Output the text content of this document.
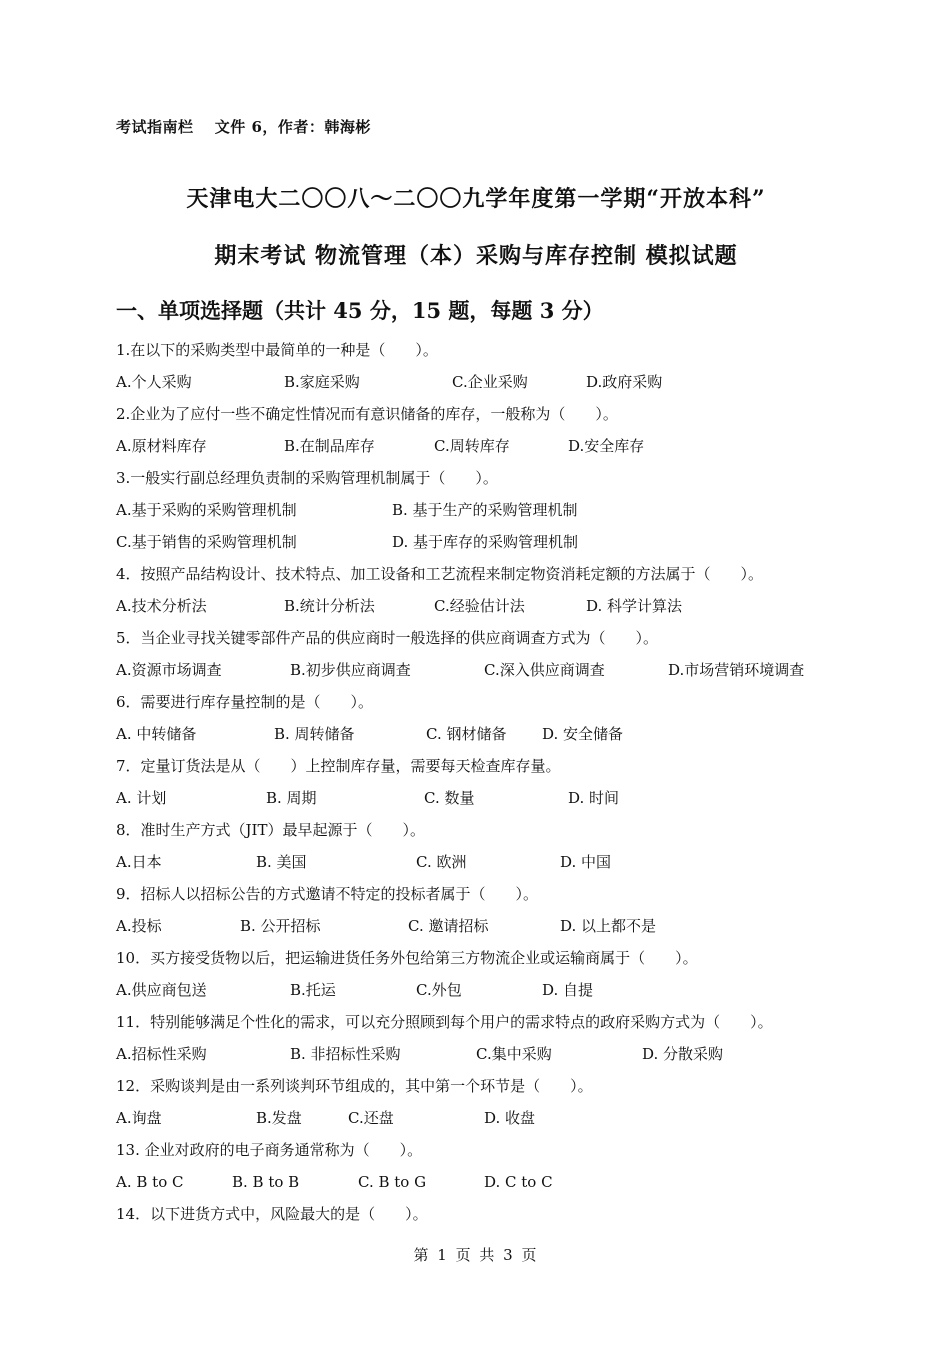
考试指南栏　 文件 6，作者：韩海彬
天津电大二〇〇八～二〇〇九学年度第一学期“开放本科”
期末考试 物流管理（本）采购与库存控制 模拟试题
一、单项选择题（共计 45 分，15 题，每题 3 分）
1.在以下的采购类型中最简单的一种是（　　）。
A.个人采购	B.家庭采购	C.企业采购	D.政府采购
2.企业为了应付一些不确定性情况而有意识储备的库存，一般称为（　　）。
A.原材料库存	B.在制品库存	C.周转库存	D.安全库存
3.一般实行副总经理负责制的采购管理机制属于（　　）。
A.基于采购的采购管理机制	B. 基于生产的采购管理机制
C.基于销售的采购管理机制	D. 基于库存的采购管理机制
4．按照产品结构设计、技术特点、加工设备和工艺流程来制定物资消耗定额的方法属于（　　）。
A.技术分析法	B.统计分析法	C.经验估计法	D. 科学计算法
5．当企业寻找关键零部件产品的供应商时一般选择的供应商调查方式为（　　）。
A.资源市场调查	B.初步供应商调查	C.深入供应商调查	D.市场营销环境调查
6．需要进行库存量控制的是（　　）。
A. 中转储备	B. 周转储备	C. 钢材储备 D. 安全储备
7．定量订货法是从（　　）上控制库存量，需要每天检查库存量。
A. 计划	B. 周期	C. 数量	D. 时间
8．准时生产方式（JIT）最早起源于（　　）。
A.日本	B. 美国	C. 欧洲	D. 中国
9．招标人以招标公告的方式邀请不特定的投标者属于（　　）。
A.投标	B. 公开招标	C. 邀请招标	D. 以上都不是
10．买方接受货物以后，把运输进货任务外包给第三方物流企业或运输商属于（　　）。
A.供应商包送	B.托运	C.外包	D. 自提
11．特别能够满足个性化的需求，可以充分照顾到每个用户的需求特点的政府采购方式为（　　）。
A.招标性采购	B. 非招标性采购	C.集中采购	D. 分散采购
12．采购谈判是由一系列谈判环节组成的，其中第一个环节是（　　）。
A.询盘	B.发盘	C.还盘	D. 收盘
13. 企业对政府的电子商务通常称为（　　）。
A. B to C	B. B to B	C. B to G	D. C to C
14．以下进货方式中，风险最大的是（　　）。
第 1 页 共 3 页
